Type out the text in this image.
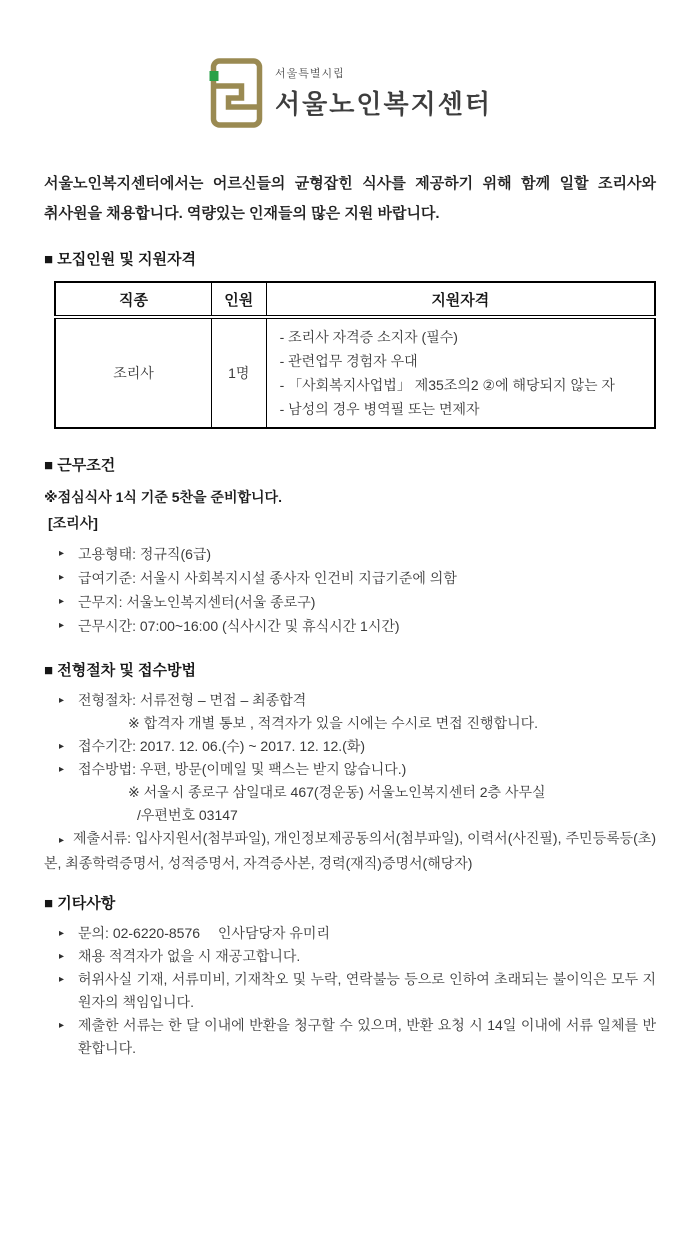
서울특별시립
서울노인복지센터

서울노인복지센터에서는 어르신들의 균형잡힌 식사를 제공하기 위해 함께 일할 조리사와
취사원을 채용합니다. 역량있는 인재들의 많은 지원 바랍니다.

■ 모집인원 및 지원자격
직종	인원	지원자격
조리사	1명	- 조리사 자격증 소지자 (필수)
- 관련업무 경험자 우대
- 「사회복지사업법」 제35조의2 ②에 해당되지 않는 자
- 남성의 경우 병역필 또는 면제자
■ 근무조건

※점심식사 1식 기준 5찬을 준비합니다.

[조리사]

▸ 고용형태: 정규직(6급)
▸ 급여기준: 서울시 사회복지시설 종사자 인건비 지급기준에 의함
▸ 근무지: 서울노인복지센터(서울 종로구)
▸ 근무시간: 07:00~16:00 (식사시간 및 휴식시간 1시간)
■ 전형절차 및 접수방법
▸ 전형절차: 서류전형 – 면접 – 최종합격
※ 합격자 개별 통보 , 적격자가 있을 시에는 수시로 면접 진행합니다.
▸ 접수기간: 2017. 12. 06.(수) ~ 2017. 12. 12.(화)
▸ 접수방법: 우편, 방문(이메일 및 팩스는 받지 않습니다.)
※ 서울시 종로구 삼일대로 467(경운동) 서울노인복지센터 2층 사무실
/우편번호 03147
▸ 제출서류: 입사지원서(첨부파일), 개인정보제공동의서(첨부파일), 이력서(사진필), 주민등록등(초)본, 최종학력증명서, 성적증명서, 자격증사본, 경력(재직)증명서(해당자)
■ 기타사항
▸ 문의: 02-6220-8576 　인사담당자 유미리
▸ 채용 적격자가 없을 시 재공고합니다.
▸ 허위사실 기재, 서류미비, 기재착오 및 누락, 연락불능 등으로 인하여 초래되는 불이익은 모두 지원자의 책임입니다.
▸ 제출한 서류는 한 달 이내에 반환을 청구할 수 있으며, 반환 요청 시 14일 이내에 서류 일체를 반환합니다.
